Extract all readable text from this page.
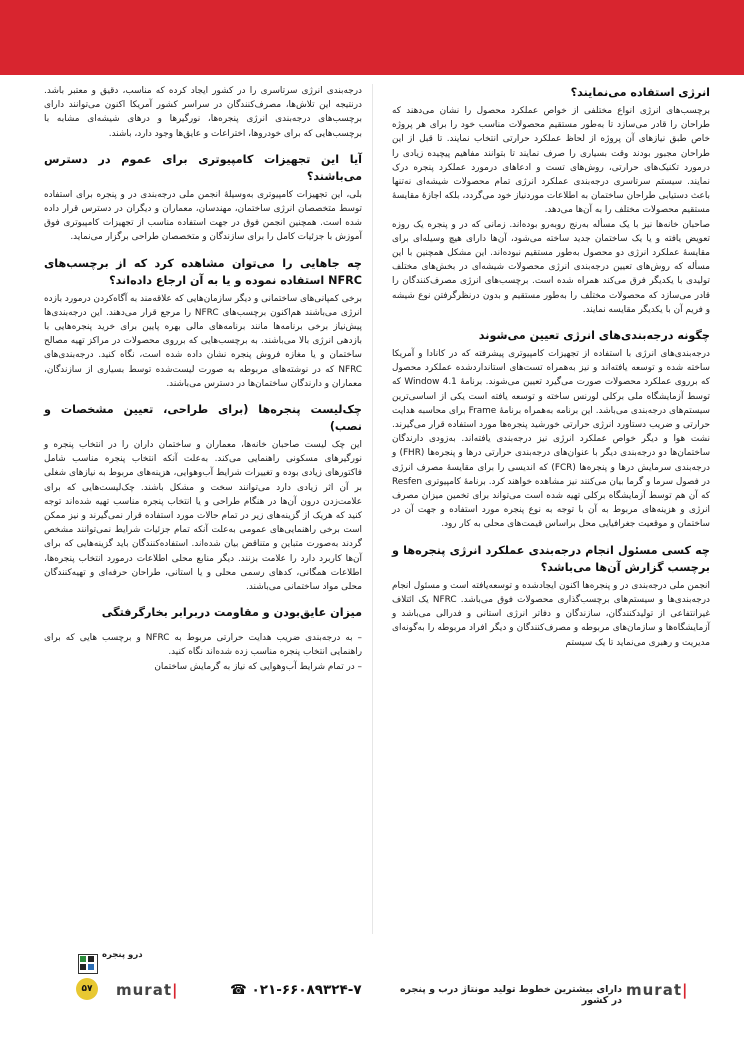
انرژی استفاده می‌نمایند؟

برچسب‌های انرژی انواع مختلفی از خواص عملکرد محصول را نشان می‌دهند که طراحان را قادر می‌سازد تا به‌طور مستقیم محصولات مناسب خود را برای هر پروژه خاص طبق نیازهای آن پروژه از لحاظ عملکرد حرارتی انتخاب نمایند. تا قبل از این طراحان مجبور بودند وقت بسیاری را صرف نمایند تا بتوانند مفاهیم پیچیده زیادی را درمورد تکنیک‌های حرارتی، روش‌های تست و ادعاهای درمورد عملکرد پنجره درک نمایند. سیستم سرتاسری درجه‌بندی عملکرد انرژی تمام محصولات شیشه‌ای نه‌تنها باعث دستیابی طراحان ساختمان به اطلاعات موردنیاز خود می‌گردد، بلکه اجازهٔ مقایسهٔ مستقیم محصولات مختلف را به آن‌ها می‌دهد.

صاحبان خانه‌ها نیز با یک مسأله به‌رنج روبه‌رو بوده‌اند. زمانی که در و پنجره یک روزه تعویض یافته و یا یک ساختمان جدید ساخته می‌شود، آن‌ها دارای هیچ وسیله‌ای برای مقایسهٔ عملکرد انرژی دو محصول به‌طور مستقیم نبوده‌اند. این مشکل همچنین با این مسأله که روش‌های تعیین درجه‌بندی انرژی محصولات شیشه‌ای در بخش‌های مختلف تولیدی با یکدیگر فرق می‌کند همراه شده است. برچسب‌های انرژی مصرف‌کنندگان را قادر می‌سازد که محصولات مختلف را به‌طور مستقیم و بدون درنظرگرفتن نوع شیشه و فریم آن با یکدیگر مقایسه نمایند.

چگونه درجه‌بندی‌های انرژی تعیین می‌شوند

درجه‌بندی‌های انرژی با استفاده از تجهیزات کامپیوتری پیشرفته که در کانادا و آمریکا ساخته شده و توسعه یافته‌اند و نیز به‌همراه تست‌های استانداردشده عملکرد محصول که برروی عملکرد محصولات صورت می‌گیرد تعیین می‌شوند. برنامهٔ Window 4.1 که توسط آزمایشگاه ملی برکلی لورنس ساخته و توسعه یافته است یکی از اساسی‌ترین سیستم‌های درجه‌بندی می‌باشد. این برنامه به‌همراه برنامهٔ Frame برای محاسبه هدایت حرارتی و ضریب دستاورد انرژی حرارتی خورشید پنجره‌ها مورد استفاده قرار می‌گیرند. نشت هوا و دیگر خواص عملکرد انرژی نیز درجه‌بندی یافته‌اند. به‌زودی دارندگان ساختمان‌ها دو درجه‌بندی دیگر با عنوان‌های درجه‌بندی حرارتی درها و پنجره‌ها (FHR) و درجه‌بندی سرمایش درها و پنجره‌ها (FCR) که اندیسی را برای مقایسهٔ مصرف انرژی در فصول سرما و گرما بیان می‌کنند نیز مشاهده خواهند کرد. برنامهٔ کامپیوتری Resfen که آن هم توسط آزمایشگاه برکلی تهیه شده است می‌تواند برای تخمین میزان مصرف انرژی و هزینه‌های مربوط به آن با توجه به نوع پنجره مورد استفاده و جهت آن در ساختمان و موقعیت جغرافیایی محل براساس قیمت‌های محلی به کار رود.

چه کسی مسئول انجام درجه‌بندی عملکرد انرژی پنجره‌ها و برچسب گزارش آن‌ها می‌باشد؟

انجمن ملی درجه‌بندی در و پنجره‌ها اکنون ایجادشده و توسعه‌یافته است و مسئول انجام درجه‌بندی‌ها و سیستم‌های برچسب‌گذاری محصولات فوق می‌باشد. NFRC یک ائتلاف غیرانتفاعی از تولیدکنندگان، سازندگان و دفاتر انرژی استانی و فدرالی می‌باشد و آزمایشگاه‌ها و سازمان‌های مربوطه و مصرف‌کنندگان و دیگر افراد مربوطه را به‌گونه‌ای مدیریت و رهبری می‌نماید تا یک سیستم

درجه‌بندی انرژی سرتاسری را در کشور ایجاد کرده که مناسب، دقیق و معتبر باشد. درنتیجه این تلاش‌ها، مصرف‌کنندگان در سراسر کشور آمریکا اکنون می‌توانند دارای برچسب‌های درجه‌بندی انرژی پنجره‌ها، نورگیرها و درهای شیشه‌ای مشابه با برچسب‌هایی که برای خودروها، اختراعات و عایق‌ها وجود دارد، باشند.

آیا این تجهیزات کامپیوتری برای عموم در دسترس می‌باشند؟

بلی، این تجهیزات کامپیوتری به‌وسیلهٔ انجمن ملی درجه‌بندی در و پنجره برای استفاده توسط متخصصان انرژی ساختمان، مهندسان، معماران و دیگران در دسترس قرار داده شده است. همچنین انجمن فوق در جهت استفاده مناسب از تجهیزات کامپیوتری فوق آموزش با جزئیات کامل را برای سازندگان و متخصصان طراحی برگزار می‌نماید.

چه جاهایی را می‌توان مشاهده کرد که از برچسب‌های NFRC استفاده نموده و یا به آن ارجاع داده‌اند؟

برخی کمپانی‌های ساختمانی و دیگر سازمان‌هایی که علاقه‌مند به آگاه‌کردن درمورد بازده انرژی می‌باشند هم‌اکنون برچسب‌های NFRC را مرجع قرار می‌دهند. این درجه‌بندی‌ها پیش‌نیاز برخی برنامه‌ها مانند برنامه‌های مالی بهره پایین برای خرید پنجره‌هایی با بازدهی انرژی بالا می‌باشند. به برچسب‌هایی که برروی محصولات در مراکز تهیه مصالح ساختمان و یا مغازه فروش پنجره نشان داده شده است، نگاه کنید. درجه‌بندی‌های NFRC که در نوشته‌های مربوطه به صورت لیست‌شده توسط بسیاری از سازندگان، معماران و دارندگان ساختمان‌ها در دسترس می‌باشند.

چک‌لیست پنجره‌ها (برای طراحی، تعیین مشخصات و نصب)

این چک لیست صاحبان خانه‌ها، معماران و ساختمان داران را در انتخاب پنجره و نورگیرهای مسکونی راهنمایی می‌کند. به‌علت آنکه انتخاب پنجره مناسب شامل فاکتورهای زیادی بوده و تغییرات شرایط آب‌وهوایی، هزینه‌های مربوط به نیازهای شغلی بر آن اثر زیادی دارد می‌توانند سخت و مشکل باشند. چک‌لیست‌هایی که برای علامت‌زدن درون آن‌ها در هنگام طراحی و یا انتخاب پنجره مناسب تهیه شده‌اند توجه کنید که هریک از گزینه‌های زیر در تمام حالات مورد استفاده قرار نمی‌گیرند و نیز ممکن است برخی راهنمایی‌های عمومی به‌علت آنکه تمام جزئیات شرایط نمی‌توانند مشخص گردند به‌صورت متباین و متناقض بیان شده‌اند. استفاده‌کنندگان باید گزینه‌هایی که برای آن‌ها کاربرد دارد را علامت بزنند. دیگر منابع محلی اطلاعات درمورد انتخاب پنجره‌ها، اطلاعات همگانی، کدهای رسمی محلی و یا استانی، طراحان حرفه‌ای و تهیه‌کنندگان محلی مواد ساختمانی می‌باشند.

میزان عایق‌بودن و مقاومت دربرابر بخارگرفتگی

– به درجه‌بندی ضریب هدایت حرارتی مربوط به NFRC و برچسب هایی که برای راهنمایی انتخاب پنجره مناسب زده شده‌اند نگاه کنید.

– در تمام شرایط آب‌وهوایی که نیاز به گرمایش ساختمان

درو پنجره
۵۷	murat|	☎ ۰۲۱-۶۶۰۸۹۳۲۴-۷	دارای بیشترین خطوط تولید مونتاژ درب و پنجره در کشور
murat|
